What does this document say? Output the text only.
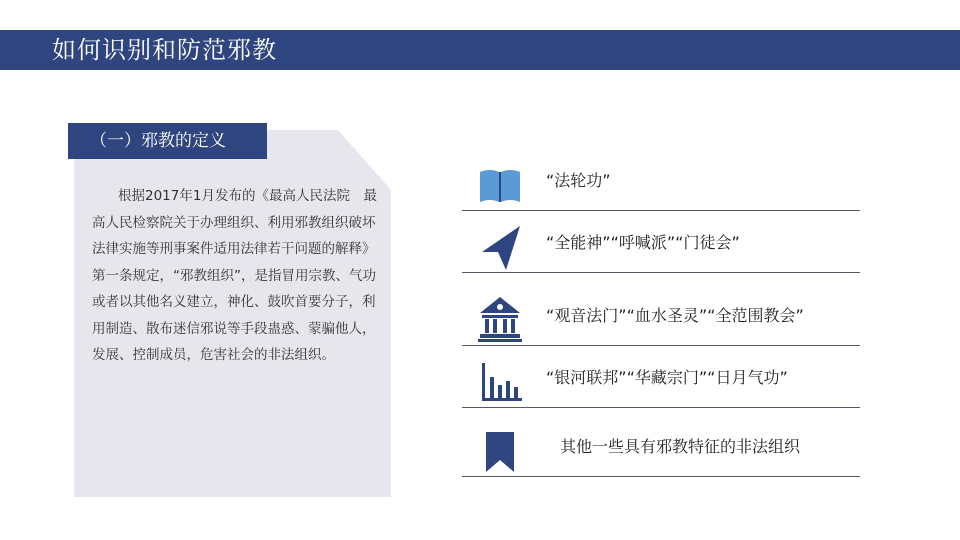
如何识别和防范邪教
（一）邪教的定义
根据2017年1月发布的《最高人民法院　最高人民检察院关于办理组织、利用邪教组织破坏法律实施等刑事案件适用法律若干问题的解释》第一条规定，“邪教组织”，是指冒用宗教、气功或者以其他名义建立，神化、鼓吹首要分子，利用制造、散布迷信邪说等手段蛊惑、蒙骗他人，发展、控制成员，危害社会的非法组织。
“法轮功”
“全能神”“呼喊派”“门徒会”
“观音法门”“血水圣灵”“全范围教会”
“银河联邦”“华藏宗门”“日月气功”
其他一些具有邪教特征的非法组织
